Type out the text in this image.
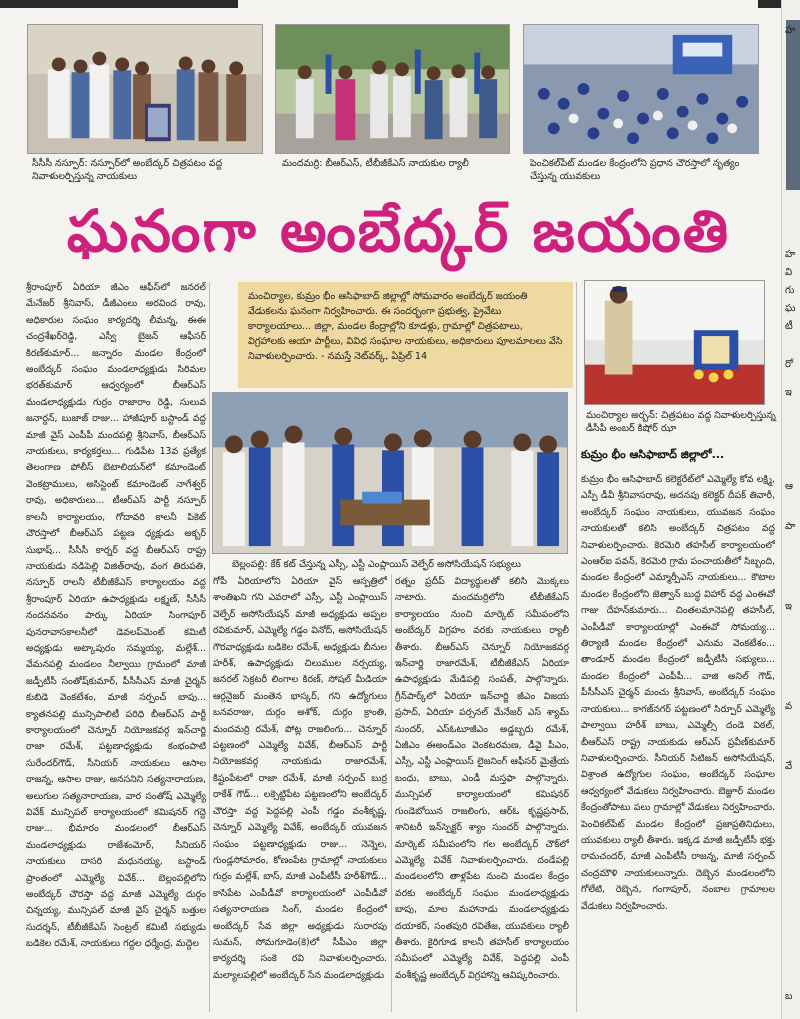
సీసీసీ నస్పూర్: నస్పూర్‌లో అంబేద్కర్ చిత్రపటం వద్ద నివాళులర్పిస్తున్న నాయకులు
మందమర్రి: బీఆర్ఎస్, టీబీజీకేఎస్ నాయకుల ర్యాలీ	పెంచికల్‌పేట్ మండల కేంద్రంలోని ప్రధాన చౌరస్తాలో నృత్యం చేస్తున్న యువకులు
ఘనంగా అంబేద్కర్ జయంతి
మంచిర్యాల, కుమ్రం భీం ఆసిఫాబాద్ జిల్లాల్లో సోమవారం అంబేద్కర్ జయంతి వేడుకలను ఘనంగా నిర్వహించారు. ఈ సందర్భంగా ప్రభుత్వ, ప్రైవేటు కార్యాలయాలు... జిల్లా, మండల కేంద్రాల్లోని కూడళ్లు, గ్రామాల్లో చిత్రపటాలు, విగ్రహాలకు ఆయా పార్టీలు, వివిధ సంఘాల నాయకులు, అధికారులు పూలమాలలు వేసి నివాళులర్పించారు. - నమస్తే నెట్‌వర్క్, ఏప్రిల్ 14
మంచిర్యాల అర్బన్: చిత్రపటం వద్ద నివాళులర్పిస్తున్న డీసీపీ అంబర్ కిషోర్ ఝా
బెల్లంపల్లి: కేక్ కట్ చేస్తున్న ఎస్సీ, ఎస్టీ ఎంప్లాయిస్ వెల్ఫేర్ అసోసియేషన్ సభ్యులు
శ్రీరాంపూర్ ఏరియా జీఎం ఆఫీస్‌లో జనరల్ మేనేజర్ శ్రీనివాస్, డీజీఎంలు అరవింద రావు, అధికారుల సంఘం కార్యదర్శి లీమన్న, ఈఈ చంద్రశేఖర్‌రెడ్డి, ఎస్వీ బైజన్ ఆఫీసర్ కిరణ్‌కుమార్... జన్నారం మండల కేంద్రంలో అంబేద్కర్ సంఘం మండలాధ్యక్షుడు సిరిమల భరత్‌కుమార్ ఆధ్వర్యంలో బీఆర్ఎస్ మండలాధ్యక్షుడు గుర్రం రాజారాం రెడ్డి, సులువ జనార్దన్, బుజాజ్ రాజు... హాజీపూర్ బస్టాండ్ వద్ద మాజీ వైస్ ఎంపీపీ మందపల్లి శ్రీనివాస్, బీఆర్ఎస్ నాయకులు, కార్యకర్తలు... గుడిపేట 13వ ప్రత్యేక తెలంగాణ పోలీస్ బెటాలియన్‌లో కమాండెంట్ వెంకట్రాములు, అసిస్టెంట్ కమాండెంట్ నాగేశ్వర్ రావు, అధికారులు... టీఆర్ఎస్ పార్టీ నస్పూర్ కాలనీ కార్యాలయం, గోదావరి కాలనీ పికెట్ చౌరస్తాలో బీఆర్ఎస్ పట్టణ ధ్యక్షుడు అక్బర్ సుభాష్... సీసీసీ కార్నర్ వద్ద బీఆర్ఎస్ రాష్ట్ర నాయకుడు నడిపెల్లి విజిత్‌రావు, వంగ తిరుపతి, నస్పూర్ రాలనీ టీబీజీకేఎస్ కార్యాలయం వద్ద శ్రీరాంపూర్ ఏరియా ఉపాధ్యక్షుడు లక్ష్మణ్, సీసీసీ నందనవనం పార్కు ఏరియా సింగాపూర్ పునరావాసకాలనీలో డెవలప్‌మెంట్ కమిటీ అధ్యక్షుడు అట్కాపురం సమ్మయ్య, మల్లేశ్... వేమనపల్లి మండలం నీల్వాయి గ్రామంలో మాజీ జడ్పీటీసీ సంతోష్‌కుమార్, పీసీసీఎస్ మాజీ చైర్మన్ కుబిడె వెంకటేశం, మాజీ సర్పంచ్ బాపు... క్యాతనపల్లి మున్సిపాలిటీ పరిధి బీఆర్ఎస్ పార్టీ కార్యాలయంలో చెన్నూర్ నియోజకవర్గ ఇన్‌చార్జి రాజా రమేశ్, పట్టణాధ్యక్షుడు కంభంపాటి సురేందర్‌గౌడ్, సీనియర్ నాయకులు ఆసాల రాజన్న, ఆసాల రాజు, అనసనిని సత్యనారాయణ, అలుగుల సత్యనారాయణ, వార సంతోష్ ఎమ్మెల్యే వివేక్ మున్సిపల్ కార్యాలయంలో కమిషనర్ గద్దె రాజు... భీమారం మండలంలో బీఆర్ఎస్ మండలాధ్యక్షుడు రాజేశంమోర్, సీనియర్ నాయకులు దాసరి మధునయ్య, బస్టాండ్ ప్రాంతంలో ఎమ్మెల్యే వివేక్... బెల్లంపల్లిలోని అంబేద్కర్ చౌరస్తా వద్ద మాజీ ఎమ్మెల్యే దుర్గం చిన్నయ్య, మున్సిపల్ మాజీ వైస్ చైర్మన్ బత్తుల సుదర్శన్, టీబీజీకేఎస్ సెంట్రల్ కమిటీ సభ్యుడు బడికెల రమేశ్, నాయకులు గద్దల ధర్మేంద్ర, మద్దెల
గోపీ ఏరియాలోని ఏరియా వైస్ ఆస్పత్రిలో శాంతిఖని గని ఎవరాలో ఎస్సీ, ఎస్టీ ఎంప్లాయిస్ వెల్ఫేర్ అసోసియేషన్ మాజీ అధ్యక్షుడు అప్పల రవికుమార్, ఎమ్మెల్యే గడ్డం వినోద్, అసోసియేషన్ గౌరవాధ్యక్షుడు బడికెల రమేశ్, అధ్యక్షుడు బీనుల హరీశ్, ఉపాధ్యక్షుడు చిలుముల నర్సయ్య, జనరల్ సెక్రటరీ లింగాల కిరణ్, సోషల్ మీడియా ఆర్గనైజర్ మంతెన భాస్కర్, గని ఉద్యోగులు బనవరాజు, దుర్గం అశోక్, దుర్గం క్రాంతి, మందమర్రి రమేశ్, పోట్ల రాజలింగు... చెన్నూర్ పట్టణంలో ఎమ్మెల్యే వివేక్, బీఆర్ఎస్ పార్టీ నియోజకవర్గ నాయకుడు రాజారమేశ్, కిష్టంపేటలో రాజా రమేశ్, మాజీ సర్పంచ్ బుర్ర రాకేశ్ గౌడ్... లక్సెట్టిపేట పట్టణంలోని అంబేద్కర్ చౌరస్తా వద్ద పెద్దపల్లి ఎంపీ గడ్డం వంశీకృష్ణ, చెన్నూర్ ఎమ్మెల్యే వివేక్, అంబేద్కర్ యువజన సంఘం పట్టణాధ్యక్షుడు రాజు... నెన్నెల, గుండ్లసోమారం, కోణంపేట గ్రామాల్లో నాయకులు గుర్రం మల్లేశ్, బాస్, మాజీ ఎంపీటీసీ హరీశ్‌గౌడ్... కాసిపేట ఎంపీడీవో కార్యాలయంలో ఎంపీడీవో సత్యనారాయణ సింగ్, మండల కేంద్రంలో అంబేద్కర్ సేవ జిల్లా అధ్యక్షుడు సురారపు సుమన్, సోమగూడెం(కె)లో సీపీఎం జిల్లా కార్యదర్శి సంకె రవి నివాళులర్పించారు. మల్యాలపల్లిలో అంబేద్కర్ సేన మండలాధ్యక్షుడు
రత్నం ప్రదీప్ విద్యార్థులతో కలిసి మొక్కలు నాటారు. మందమర్రిలోని టీబీజీకేఎస్ కార్యాలయం నుంచి మార్కెట్ సమీపంలోని అంబేద్కర్ విగ్రహం వరకు నాయకులు ర్యాలీ తీశారు. బీఆర్ఎస్ చెన్నూర్ నియోజకవర్గ ఇన్‌చార్జి రాజారమేశ్, టీబీజీకేఎస్ ఏరియా ఉపాధ్యక్షుడు మేడిపల్లి సంపత్, పాల్గొన్నారు. గ్రీన్‌పార్క్‌లో ఏరియా ఇన్‌చార్జి జీఎం విజయ ప్రసాద్, ఏరియా పర్సనల్ మేనేజర్ ఎస్ శ్యామ్ సుందర్, ఎస్‌ఓటూజీఎం అడ్డబ్బరు రమేశ్, ఏజీఎం ఈఅండ్ఎం వెంకటరమణ, డీవై పీఎం, ఎస్సీ, ఎస్టీ ఎంప్లాయిస్ లైజనింగ్ ఆఫీసర్ మైత్రేయ బంధు, బాబు, ఎండీ మస్తఫా పాల్గొన్నారు. మున్సిపల్ కార్యాలయంలో కమిషనర్ గుండెబోయిన రాజలింగు, ఆర్‌ఓ కృష్ణప్రసాద్, శానిటరీ ఇన్‌స్పెక్టర్ శ్యాం సుందర్ పాల్గొన్నారు. మార్కెట్ సమీపంలోని గల అంబేద్కర్ చౌక్‌లో ఎమ్మెల్యే వివేక్ నివాళులర్పించారు. దండేపల్లి మండలంలోని తాళ్లపేట నుంచి మండల కేంద్రం వరకు అంబేద్కర్ సంఘం మండలాధ్యక్షుడు బాపు, మాల మహానాడు మండలాధ్యక్షుడు దయాకర్, సంతపురి రవితేజ, యువకులు ర్యాలీ తీశారు. కైరిగూడ కాలనీ తహసీల్ కార్యాలయం సమీపంలో ఎమ్మెల్యే వివేక్, పెద్దపల్లి ఎంపీ వంశీకృష్ణ అంబేద్కర్ విగ్రహాన్ని ఆవిష్కరించారు.
కుమ్రం భీం ఆసిఫాబాద్ జిల్లాలో...
కుమ్రం భీం ఆసిఫాబాద్ కలెక్టరేట్‌లో ఎమ్మెల్యే కోవ లక్ష్మి, ఎస్పీ డీవీ శ్రీనివాసరావు, అదనపు కలెక్టర్ దీపక్ తివారీ, అంబేద్కర్ సంఘం నాయకులు, యువజన సంఘం నాయకులతో కలిసి అంబేద్కర్ చిత్రపటం వద్ద నివాళులర్పించారు. కెరమెరి తహసీల్ కార్యాలయంలో ఎంఆర్‌ఐ పవన్, కెరమెరి గ్రామ పంచాయతీలో సిబ్బంది, మండల కేంద్రంలో ఎమ్మార్పీఎస్ నాయకులు... కౌటాల మండల కేంద్రంలోని జెత్వాన్ బుద్ధ విహార్ వద్ద ఎంఈవో గాజు దేహన్‌కుమారు... చింతలమానెపల్లి తహసీల్, ఎంపీడీవో కార్యాలయాల్లో ఎంఈవో సోమయ్య... తిర్యాణి మండల కేంద్రంలో ఎనుమ వెంకటేశం... తాండూర్ మండల కేంద్రంలో జడ్పీటీసీ సభ్యులు... మండల కేంద్రంలో ఎంపీపీ... వాజి అనిల్ గౌడ్, పీసీసీఎస్ చైర్మన్ మంచు శ్రీనివాస్, అంబేద్కర్ సంఘం నాయకులు... కాగజ్‌నగర్ పట్టణంలో సిర్పూర్ ఎమ్మెల్యే పాల్వాయి హరీశ్ బాబు, ఎమ్మెల్సీ దండె విఠల్, బీఆర్ఎస్ రాష్ట్ర నాయకుడు ఆర్ఎస్ ప్రవీణ్‌కుమార్ నివాళులర్పించారు. సీనియర్ సిటిజన్ అసోసియేషన్, విశ్రాంత ఉద్యోగుల సంఘం, అంబేద్కర్ సంఘాల ఆధ్వర్యంలో వేడుకలు నిర్వహించారు. బెజ్జూర్ మండల కేంద్రంతోపాటు పలు గ్రామాల్లో వేడుకలు నిర్వహించారు. పెంచికల్‌పేట్ మండల కేంద్రంలో ప్రజాప్రతినిధులు, యువకులు ర్యాలీ తీశారు. ఇక్కడ మాజీ జడ్పీటీసీ భక్తు రామచందర్, మాజీ ఎంపీటీసీ రాజన్న, మాజీ సర్పంచ్ చంద్రమౌళి నాయకులున్నారు. దెబ్బెన మండలంలోని గోలేటి, రెబ్బెన, గంగాపూర్, నంబాల గ్రామాలల వేడుకలు నిర్వహించారు.
హ
హ
వి
గు
ఘ
టీ
రో
ఇ
ఆ
పా
ఇ
వ
వే
బ
